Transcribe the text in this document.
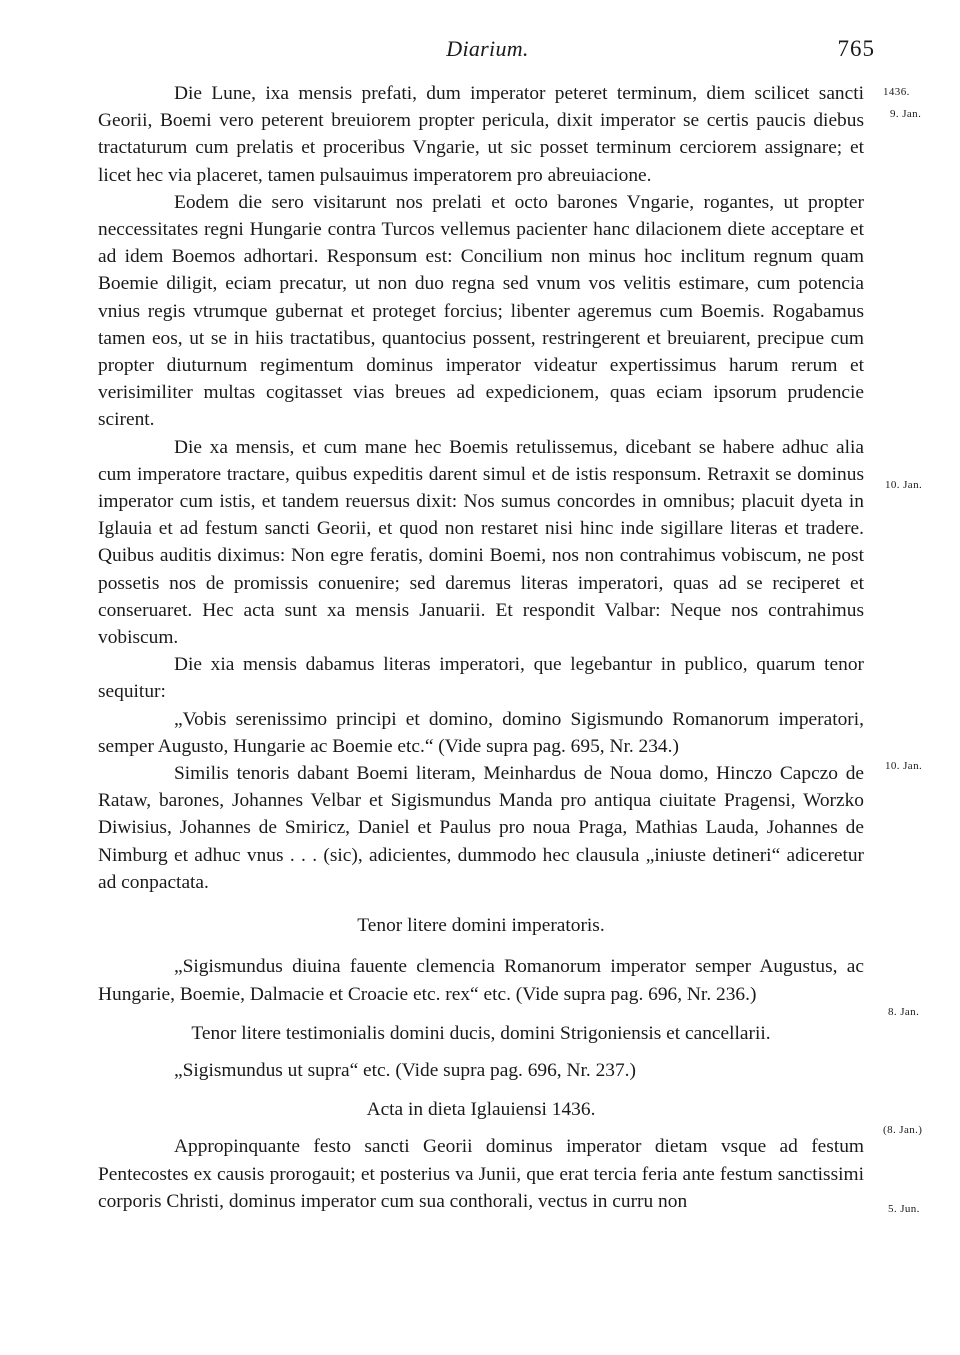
Diarium.	765
1436.
9. Jan.
10. Jan.
10. Jan.
8. Jan.
(8. Jan.)
5. Jun.

Die Lune, ixa mensis prefati, dum imperator peteret terminum, diem scilicet sancti Georii, Boemi vero peterent breuiorem propter pericula, dixit imperator se certis paucis diebus tractaturum cum prelatis et proceribus Vngarie, ut sic posset terminum cerciorem assignare; et licet hec via placeret, tamen pulsauimus imperatorem pro abreuiacione.

Eodem die sero visitarunt nos prelati et octo barones Vngarie, rogantes, ut propter neccessitates regni Hungarie contra Turcos vellemus pacienter hanc dilacionem diete acceptare et ad idem Boemos adhortari. Responsum est: Concilium non minus hoc inclitum regnum quam Boemie diligit, eciam precatur, ut non duo regna sed vnum vos velitis estimare, cum potencia vnius regis vtrumque gubernat et proteget forcius; libenter ageremus cum Boemis. Rogabamus tamen eos, ut se in hiis tractatibus, quantocius possent, restringerent et breuiarent, precipue cum propter diuturnum regimentum dominus imperator videatur expertissimus harum rerum et verisimiliter multas cogitasset vias breues ad expedicionem, quas eciam ipsorum prudencie scirent.

Die xa mensis, et cum mane hec Boemis retulissemus, dicebant se habere adhuc alia cum imperatore tractare, quibus expeditis darent simul et de istis responsum. Retraxit se dominus imperator cum istis, et tandem reuersus dixit: Nos sumus concordes in omnibus; placuit dyeta in Iglauia et ad festum sancti Georii, et quod non restaret nisi hinc inde sigillare literas et tradere. Quibus auditis diximus: Non egre feratis, domini Boemi, nos non contrahimus vobiscum, ne post possetis nos de promissis conuenire; sed daremus literas imperatori, quas ad se reciperet et conseruaret. Hec acta sunt xa mensis Januarii. Et respondit Valbar: Neque nos contrahimus vobiscum.

Die xia mensis dabamus literas imperatori, que legebantur in publico, quarum tenor sequitur:

„Vobis serenissimo principi et domino, domino Sigismundo Romanorum imperatori, semper Augusto, Hungarie ac Boemie etc.“ (Vide supra pag. 695, Nr. 234.)

Similis tenoris dabant Boemi literam, Meinhardus de Noua domo, Hinczo Capczo de Rataw, barones, Johannes Velbar et Sigismundus Manda pro antiqua ciuitate Pragensi, Worzko Diwisius, Johannes de Smiricz, Daniel et Paulus pro noua Praga, Mathias Lauda, Johannes de Nimburg et adhuc vnus . . . (sic), adicientes, dummodo hec clausula „iniuste detineri“ adiceretur ad conpactata.

Tenor litere domini imperatoris.

„Sigismundus diuina fauente clemencia Romanorum imperator semper Augustus, ac Hungarie, Boemie, Dalmacie et Croacie etc. rex“ etc. (Vide supra pag. 696, Nr. 236.)

Tenor litere testimonialis domini ducis, domini Strigoniensis et cancellarii.

„Sigismundus ut supra“ etc. (Vide supra pag. 696, Nr. 237.)

Acta in dieta Iglauiensi 1436.

Appropinquante festo sancti Georii dominus imperator dietam vsque ad festum Pentecostes ex causis prorogauit; et posterius va Junii, que erat tercia feria ante festum sanctissimi corporis Christi, dominus imperator cum sua conthorali, vectus in curru non
